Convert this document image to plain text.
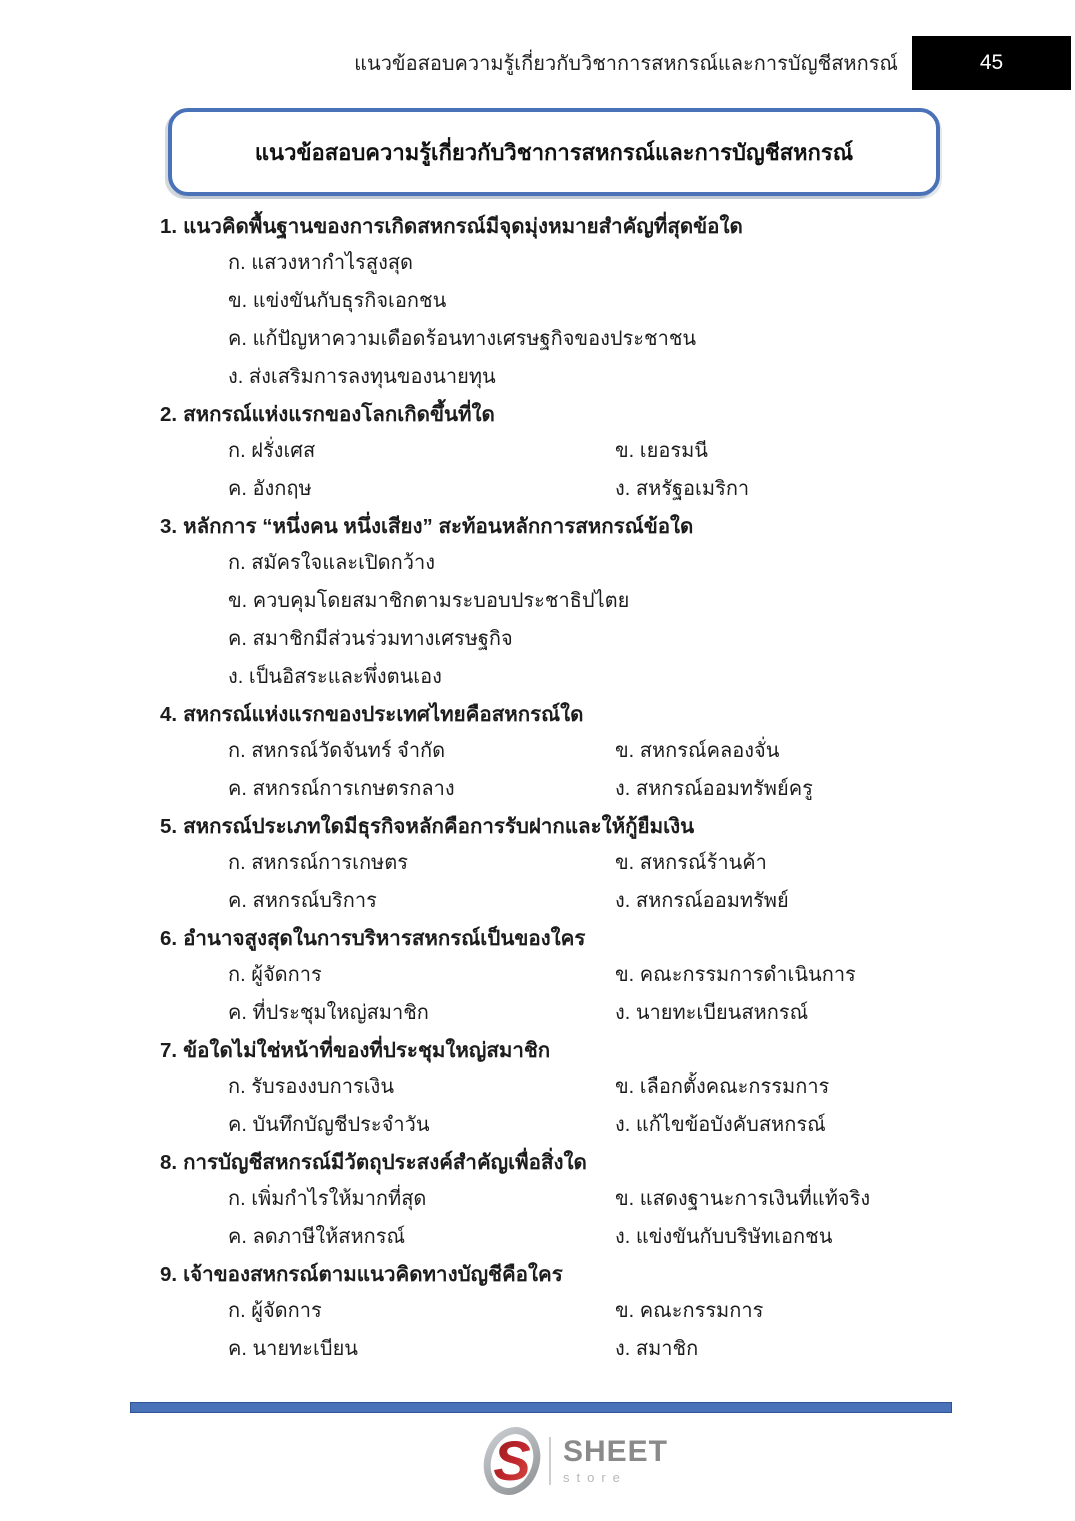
แนวข้อสอบความรู้เกี่ยวกับวิชาการสหกรณ์และการบัญชีสหกรณ์	45
แนวข้อสอบความรู้เกี่ยวกับวิชาการสหกรณ์และการบัญชีสหกรณ์
1. แนวคิดพื้นฐานของการเกิดสหกรณ์มีจุดมุ่งหมายสำคัญที่สุดข้อใด
ก. แสวงหากำไรสูงสุด
ข. แข่งขันกับธุรกิจเอกชน
ค. แก้ปัญหาความเดือดร้อนทางเศรษฐกิจของประชาชน
ง. ส่งเสริมการลงทุนของนายทุน
2. สหกรณ์แห่งแรกของโลกเกิดขึ้นที่ใด
ก. ฝรั่งเศส	ข. เยอรมนี
ค. อังกฤษ	ง. สหรัฐอเมริกา
3. หลักการ “หนึ่งคน หนึ่งเสียง” สะท้อนหลักการสหกรณ์ข้อใด
ก. สมัครใจและเปิดกว้าง
ข. ควบคุมโดยสมาชิกตามระบอบประชาธิปไตย
ค. สมาชิกมีส่วนร่วมทางเศรษฐกิจ
ง. เป็นอิสระและพึ่งตนเอง
4. สหกรณ์แห่งแรกของประเทศไทยคือสหกรณ์ใด
ก. สหกรณ์วัดจันทร์ จำกัด	ข. สหกรณ์คลองจั่น
ค. สหกรณ์การเกษตรกลาง	ง. สหกรณ์ออมทรัพย์ครู
5. สหกรณ์ประเภทใดมีธุรกิจหลักคือการรับฝากและให้กู้ยืมเงิน
ก. สหกรณ์การเกษตร	ข. สหกรณ์ร้านค้า
ค. สหกรณ์บริการ	ง. สหกรณ์ออมทรัพย์
6. อำนาจสูงสุดในการบริหารสหกรณ์เป็นของใคร
ก. ผู้จัดการ	ข. คณะกรรมการดำเนินการ
ค. ที่ประชุมใหญ่สมาชิก	ง. นายทะเบียนสหกรณ์
7. ข้อใดไม่ใช่หน้าที่ของที่ประชุมใหญ่สมาชิก
ก. รับรองงบการเงิน	ข. เลือกตั้งคณะกรรมการ
ค. บันทึกบัญชีประจำวัน	ง. แก้ไขข้อบังคับสหกรณ์
8. การบัญชีสหกรณ์มีวัตถุประสงค์สำคัญเพื่อสิ่งใด
ก. เพิ่มกำไรให้มากที่สุด	ข. แสดงฐานะการเงินที่แท้จริง
ค. ลดภาษีให้สหกรณ์	ง. แข่งขันกับบริษัทเอกชน
9. เจ้าของสหกรณ์ตามแนวคิดทางบัญชีคือใคร
ก. ผู้จัดการ	ข. คณะกรรมการ
ค. นายทะเบียน	ง. สมาชิก
S SHEET
store
